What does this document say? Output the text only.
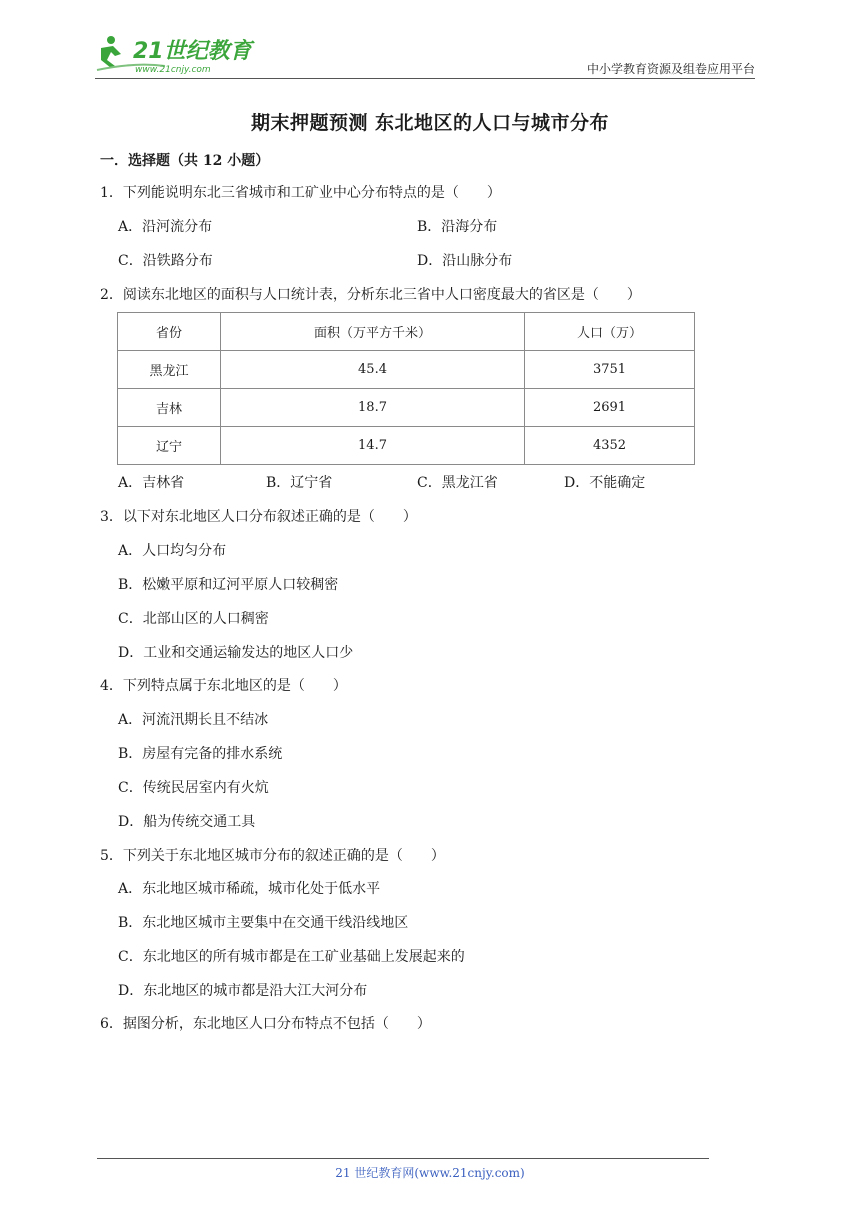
21世纪教育
www.21cnjy.com	中小学教育资源及组卷应用平台
期末押题预测 东北地区的人口与城市分布
一．选择题（共 12 小题）
1．下列能说明东北三省城市和工矿业中心分布特点的是（　　）
A．沿河流分布	B．沿海分布
C．沿铁路分布	D．沿山脉分布
2．阅读东北地区的面积与人口统计表，分析东北三省中人口密度最大的省区是（　　）
省份	面积（万平方千米）	人口（万）
黑龙江	45.4	3751
吉林	18.7	2691
辽宁	14.7	4352
A．吉林省	B．辽宁省	C．黑龙江省	D．不能确定
3．以下对东北地区人口分布叙述正确的是（　　）
A．人口均匀分布
B．松嫩平原和辽河平原人口较稠密
C．北部山区的人口稠密
D．工业和交通运输发达的地区人口少
4．下列特点属于东北地区的是（　　）
A．河流汛期长且不结冰
B．房屋有完备的排水系统
C．传统民居室内有火炕
D．船为传统交通工具
5．下列关于东北地区城市分布的叙述正确的是（　　）
A．东北地区城市稀疏，城市化处于低水平
B．东北地区城市主要集中在交通干线沿线地区
C．东北地区的所有城市都是在工矿业基础上发展起来的
D．东北地区的城市都是沿大江大河分布
6．据图分析，东北地区人口分布特点不包括（　　）
21 世纪教育网(www.21cnjy.com)
